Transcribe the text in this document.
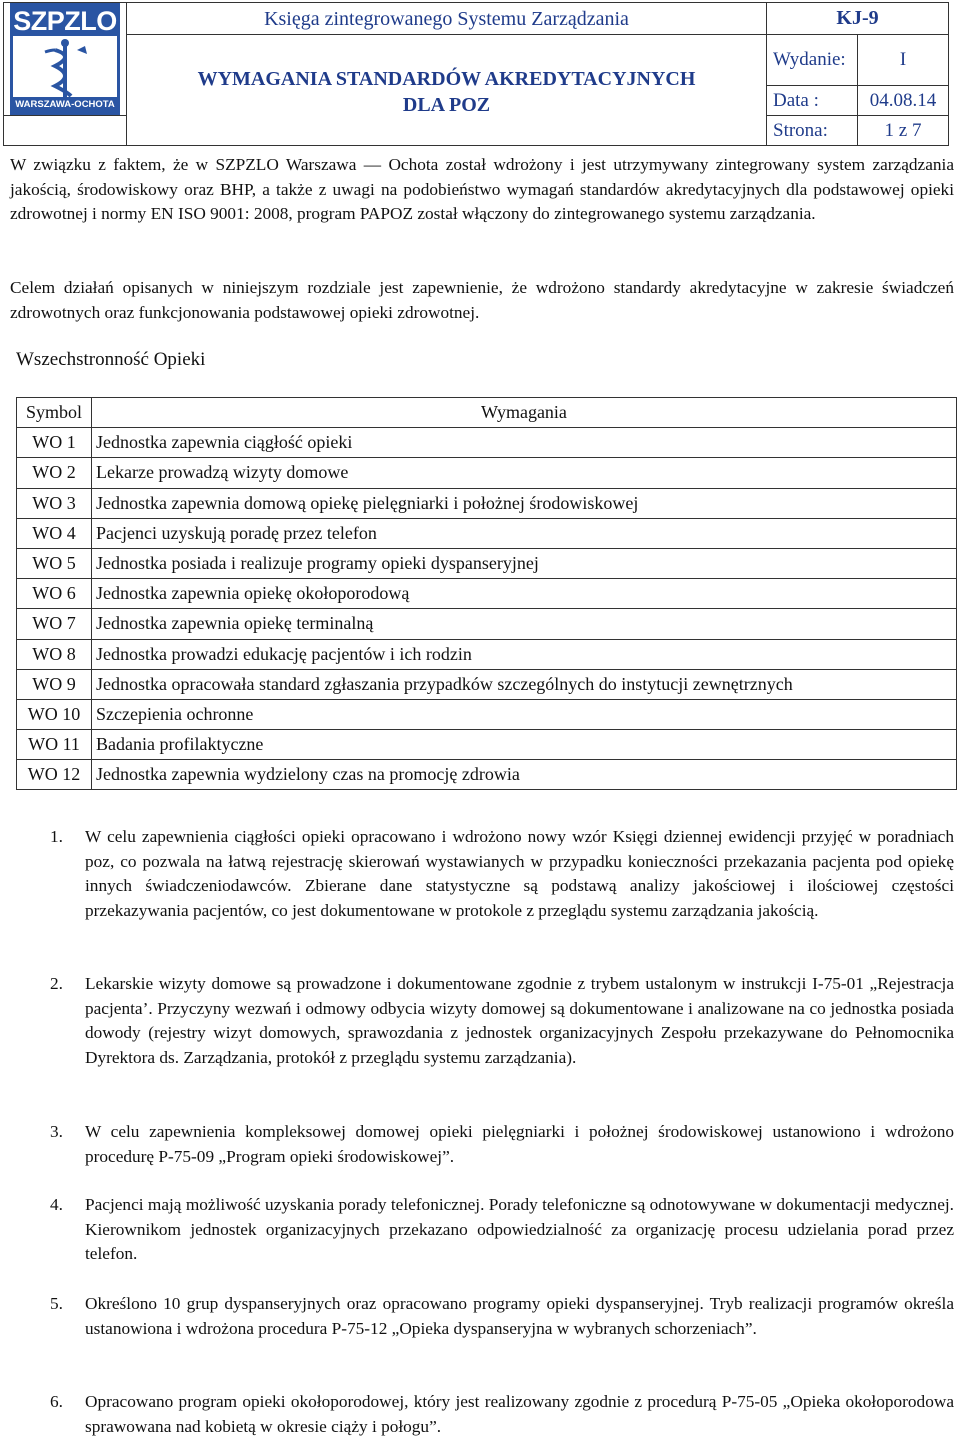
SZPZLO
WARSZAWA-OCHOTA	Księga zintegrowanego Systemu Zarządzania	KJ-9	

	WYMAGANIA STANDARDÓW AKREDYTACYJNYCH
DLA POZ	Wydanie:	I
		Data :	04.08.14
		Strona:	1 z 7

W związku z faktem, że w SZPZLO Warszawa ― Ochota został wdrożony i jest utrzymywany zintegrowany system zarządzania jakością, środowiskowy oraz BHP, a także z uwagi na podobieństwo wymagań standardów akredytacyjnych dla podstawowej opieki zdrowotnej i normy EN ISO 9001: 2008, program PAPOZ został włączony do zintegrowanego systemu zarządzania.

Celem działań opisanych w niniejszym rozdziale jest zapewnienie, że wdrożono standardy akredytacyjne w zakresie świadczeń zdrowotnych oraz funkcjonowania podstawowej opieki zdrowotnej.

Wszechstronność Opieki
Symbol	Wymagania
WO 1	Jednostka zapewnia ciągłość opieki
WO 2	Lekarze prowadzą wizyty domowe
WO 3	Jednostka zapewnia domową opiekę pielęgniarki i położnej środowiskowej
WO 4	Pacjenci uzyskują poradę przez telefon
WO 5	Jednostka posiada i realizuje programy opieki dyspanseryjnej
WO 6	Jednostka zapewnia opiekę okołoporodową
WO 7	Jednostka zapewnia opiekę terminalną
WO 8	Jednostka prowadzi edukację pacjentów i ich rodzin
WO 9	Jednostka opracowała standard zgłaszania przypadków szczególnych do instytucji zewnętrznych
WO 10	Szczepienia ochronne
WO 11	Badania profilaktyczne
WO 12	Jednostka zapewnia wydzielony czas na promocję zdrowia
1. W celu zapewnienia ciągłości opieki opracowano i wdrożono nowy wzór Księgi dziennej ewidencji przyjęć w poradniach poz, co pozwala na łatwą rejestrację skierowań wystawianych w przypadku konieczności przekazania pacjenta pod opiekę innych świadczeniodawców. Zbierane dane statystyczne są podstawą analizy jakościowej i ilościowej częstości przekazywania pacjentów, co jest dokumentowane w protokole z przeglądu systemu zarządzania jakością.
2. Lekarskie wizyty domowe są prowadzone i dokumentowane zgodnie z trybem ustalonym w instrukcji I-75-01 „Rejestracja pacjenta’. Przyczyny wezwań i odmowy odbycia wizyty domowej są dokumentowane i analizowane na co jednostka posiada dowody (rejestry wizyt domowych, sprawozdania z jednostek organizacyjnych Zespołu przekazywane do Pełnomocnika Dyrektora ds. Zarządzania, protokół z przeglądu systemu zarządzania).
3. W celu zapewnienia kompleksowej domowej opieki pielęgniarki i położnej środowiskowej ustanowiono i wdrożono procedurę P-75-09 „Program opieki środowiskowej”.
4. Pacjenci mają możliwość uzyskania porady telefonicznej. Porady telefoniczne są odnotowywane w dokumentacji medycznej. Kierownikom jednostek organizacyjnych przekazano odpowiedzialność za organizację procesu udzielania porad przez telefon.
5. Określono 10 grup dyspanseryjnych oraz opracowano programy opieki dyspanseryjnej. Tryb realizacji programów określa ustanowiona i wdrożona procedura P-75-12 „Opieka dyspanseryjna w wybranych schorzeniach”.
6. Opracowano program opieki okołoporodowej, który jest realizowany zgodnie z procedurą P-75-05 „Opieka okołoporodowa sprawowana nad kobietą w okresie ciąży i połogu”.
